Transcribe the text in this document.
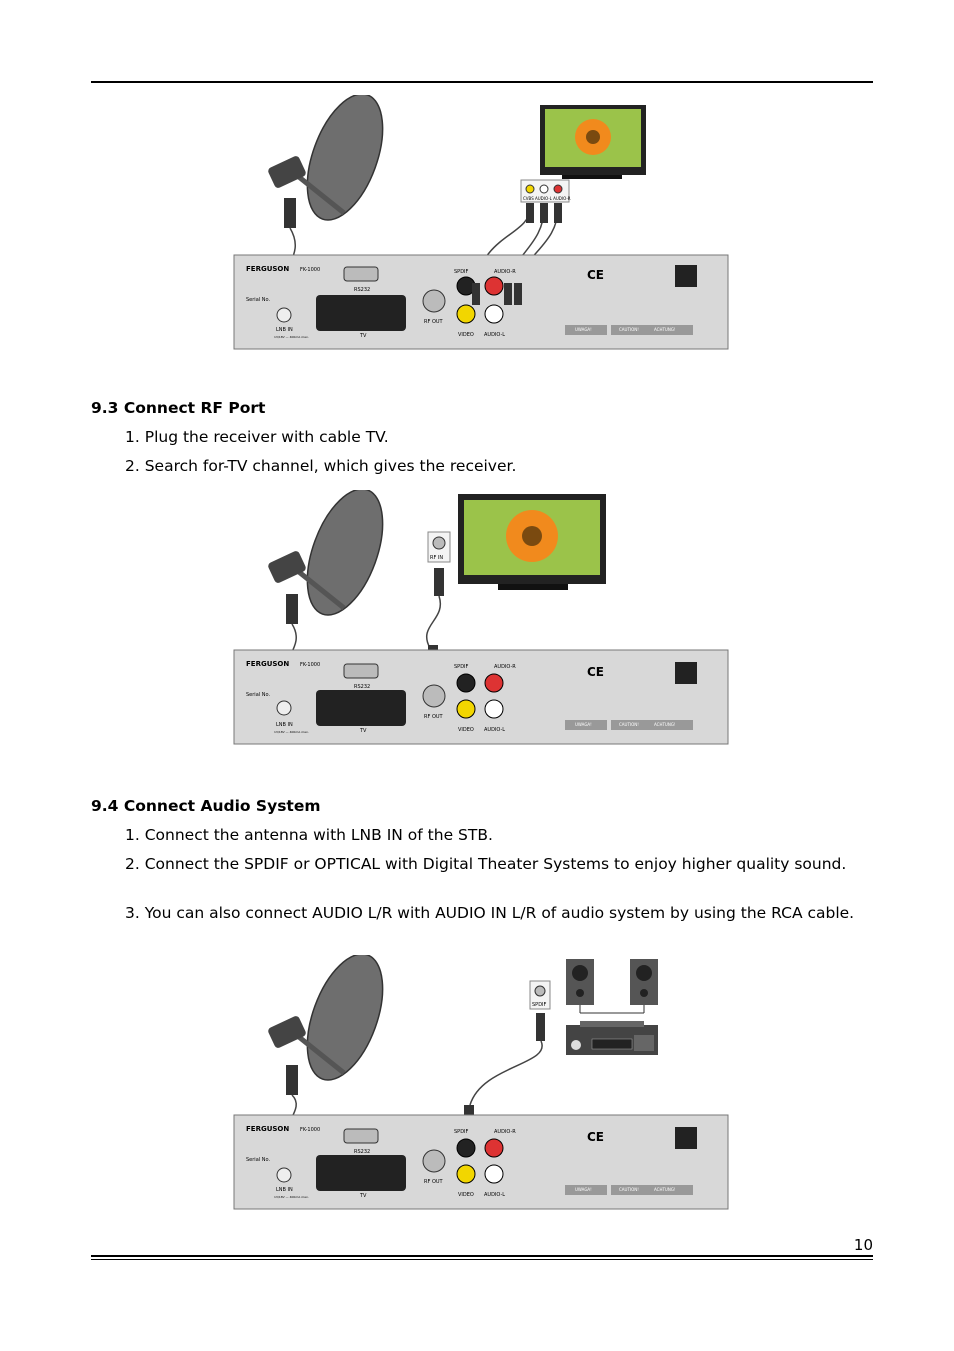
CVBS AUDIO-L AUDIO-R
FERGUSON FK-1000
Serial No.
RS232
TV
RF OUT
LNB IN
13/18V — 400mA max.
SPDIF	AUDIO-R
VIDEO AUDIO-L
CE
UWAGA!	CAUTION!	ACHTUNG!
9.3 Connect RF Port
1. Plug the receiver with cable TV.
2. Search for-TV channel, which gives the receiver.
RF IN
FERGUSON FK-1000
Serial No.
RS232
TV
RF OUT
LNB IN
13/18V — 400mA max.
SPDIF	AUDIO-R
VIDEO AUDIO-L
CE
UWAGA!	CAUTION!	ACHTUNG!
9.4 Connect Audio System
1. Connect the antenna with LNB IN of the STB.
2. Connect the SPDIF or OPTICAL with Digital Theater Systems to enjoy higher quality sound.
3. You can also connect AUDIO L/R with AUDIO IN L/R of audio system by using the RCA cable.
SPDIF
FERGUSON FK-1000
Serial No.
RS232
TV
RF OUT
LNB IN
13/18V — 400mA max.
SPDIF	AUDIO-R
VIDEO AUDIO-L
CE
UWAGA!	CAUTION!	ACHTUNG!
10
